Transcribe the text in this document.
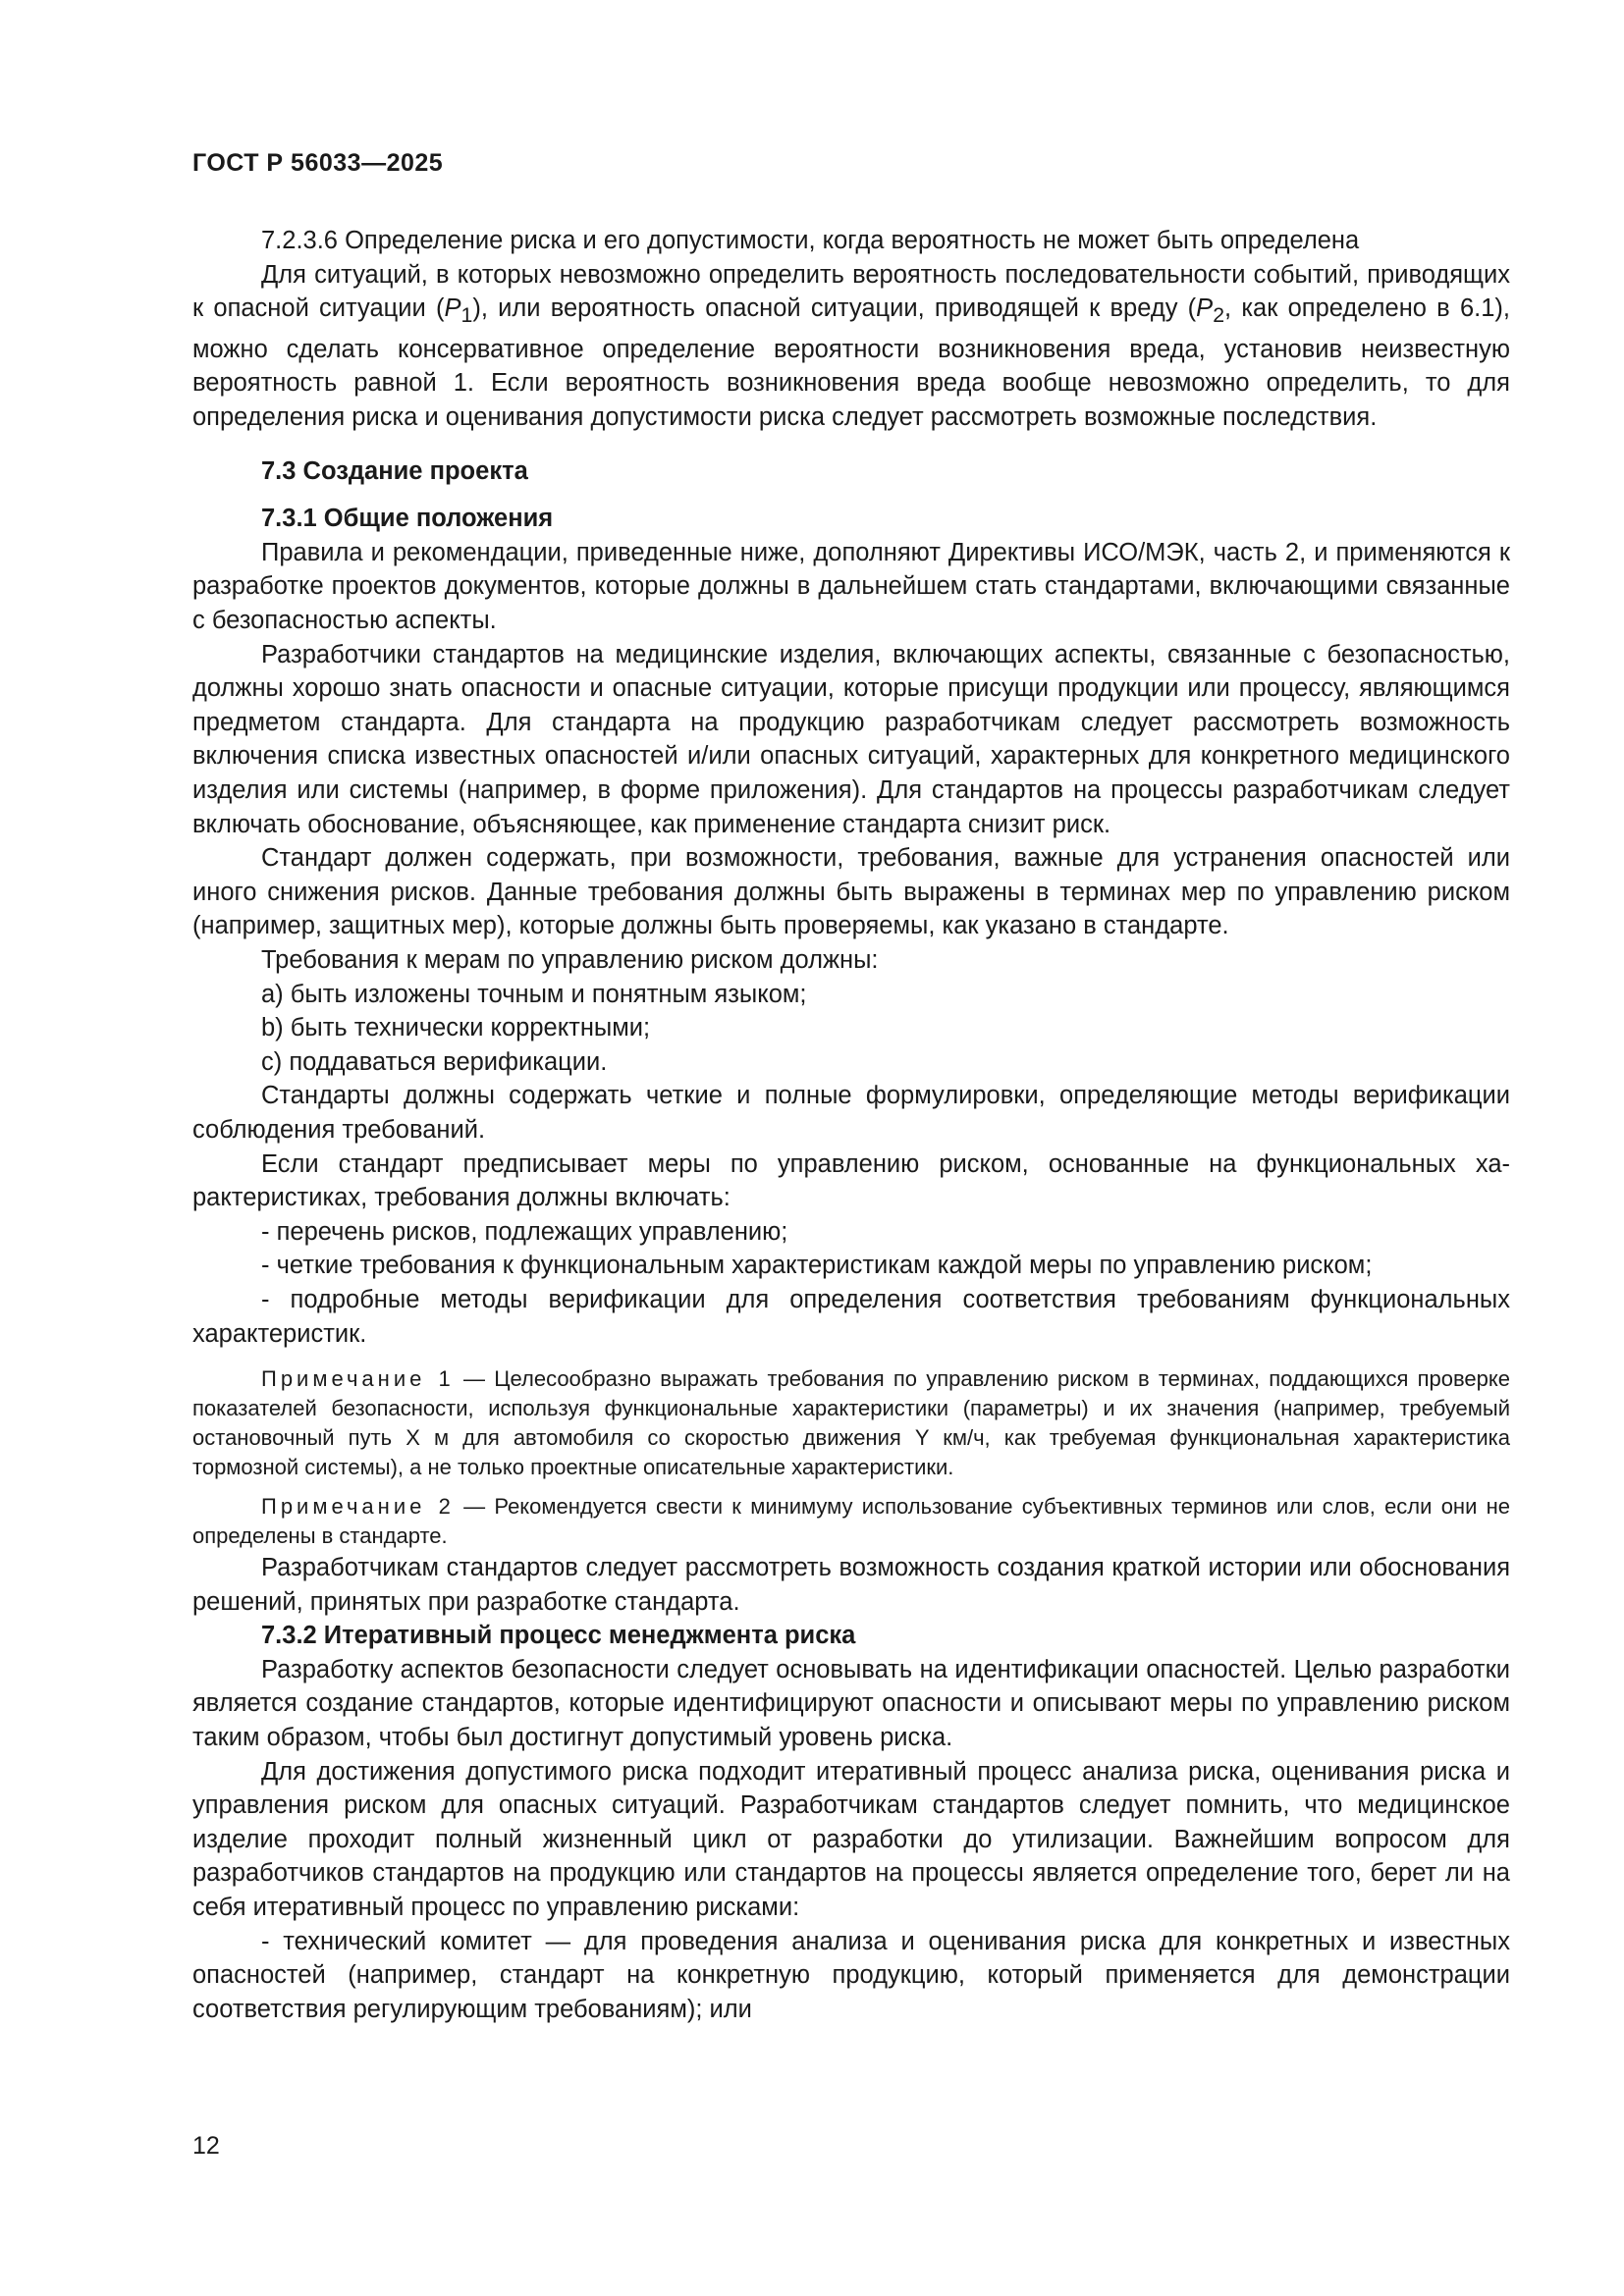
ГОСТ Р 56033—2025

7.2.3.6 Определение риска и его допустимости, когда вероятность не может быть определена

Для ситуаций, в которых невозможно определить вероятность последовательности событий, приводящих к опасной ситуации $(P_1)$, или вероятность опасной ситуации, приводящей к вреду ($P_2$, как определено в 6.1), можно сделать консервативное определение вероятности возникновения вреда, установив неизвестную вероятность равной 1. Если вероятность возникновения вреда вообще невозможно определить, то для определения риска и оценивания допустимости риска следует рассмотреть возможные последствия.

7.3 Создание проекта

7.3.1 Общие положения

Правила и рекомендации, приведенные ниже, дополняют Директивы ИСО/МЭК, часть 2, и применяются к разработке проектов документов, которые должны в дальнейшем стать стандартами, включающими связанные с безопасностью аспекты.

Разработчики стандартов на медицинские изделия, включающих аспекты, связанные с безопасностью, должны хорошо знать опасности и опасные ситуации, которые присущи продукции или процессу, являющимся предметом стандарта. Для стандарта на продукцию разработчикам следует рассмотреть возможность включения списка известных опасностей и/или опасных ситуаций, характерных для конкретного медицинского изделия или системы (например, в форме приложения). Для стандартов на процессы разработчикам следует включать обоснование, объясняющее, как применение стандарта снизит риск.

Стандарт должен содержать, при возможности, требования, важные для устранения опасностей или иного снижения рисков. Данные требования должны быть выражены в терминах мер по управлению риском (например, защитных мер), которые должны быть проверяемы, как указано в стандарте.

Требования к мерам по управлению риском должны:

a) быть изложены точным и понятным языком;

b) быть технически корректными;

c) поддаваться верификации.

Стандарты должны содержать четкие и полные формулировки, определяющие методы верификации соблюдения требований.

Если стандарт предписывает меры по управлению риском, основанные на функциональных характеристиках, требования должны включать:

- перечень рисков, подлежащих управлению;

- четкие требования к функциональным характеристикам каждой меры по управлению риском;

- подробные методы верификации для определения соответствия требованиям функциональных характеристик.

Примечание 1 — Целесообразно выражать требования по управлению риском в терминах, поддающихся проверке показателей безопасности, используя функциональные характеристики (параметры) и их значения (например, требуемый остановочный путь X м для автомобиля со скоростью движения Y км/ч, как требуемая функциональная характеристика тормозной системы), а не только проектные описательные характеристики.

Примечание 2 — Рекомендуется свести к минимуму использование субъективных терминов или слов, если они не определены в стандарте.

Разработчикам стандартов следует рассмотреть возможность создания краткой истории или обоснования решений, принятых при разработке стандарта.

7.3.2 Итеративный процесс менеджмента риска

Разработку аспектов безопасности следует основывать на идентификации опасностей. Целью разработки является создание стандартов, которые идентифицируют опасности и описывают меры по управлению риском таким образом, чтобы был достигнут допустимый уровень риска.

Для достижения допустимого риска подходит итеративный процесс анализа риска, оценивания риска и управления риском для опасных ситуаций. Разработчикам стандартов следует помнить, что медицинское изделие проходит полный жизненный цикл от разработки до утилизации. Важнейшим вопросом для разработчиков стандартов на продукцию или стандартов на процессы является определение того, берет ли на себя итеративный процесс по управлению рисками:

- технический комитет — для проведения анализа и оценивания риска для конкретных и известных опасностей (например, стандарт на конкретную продукцию, который применяется для демонстрации соответствия регулирующим требованиям); или

12
